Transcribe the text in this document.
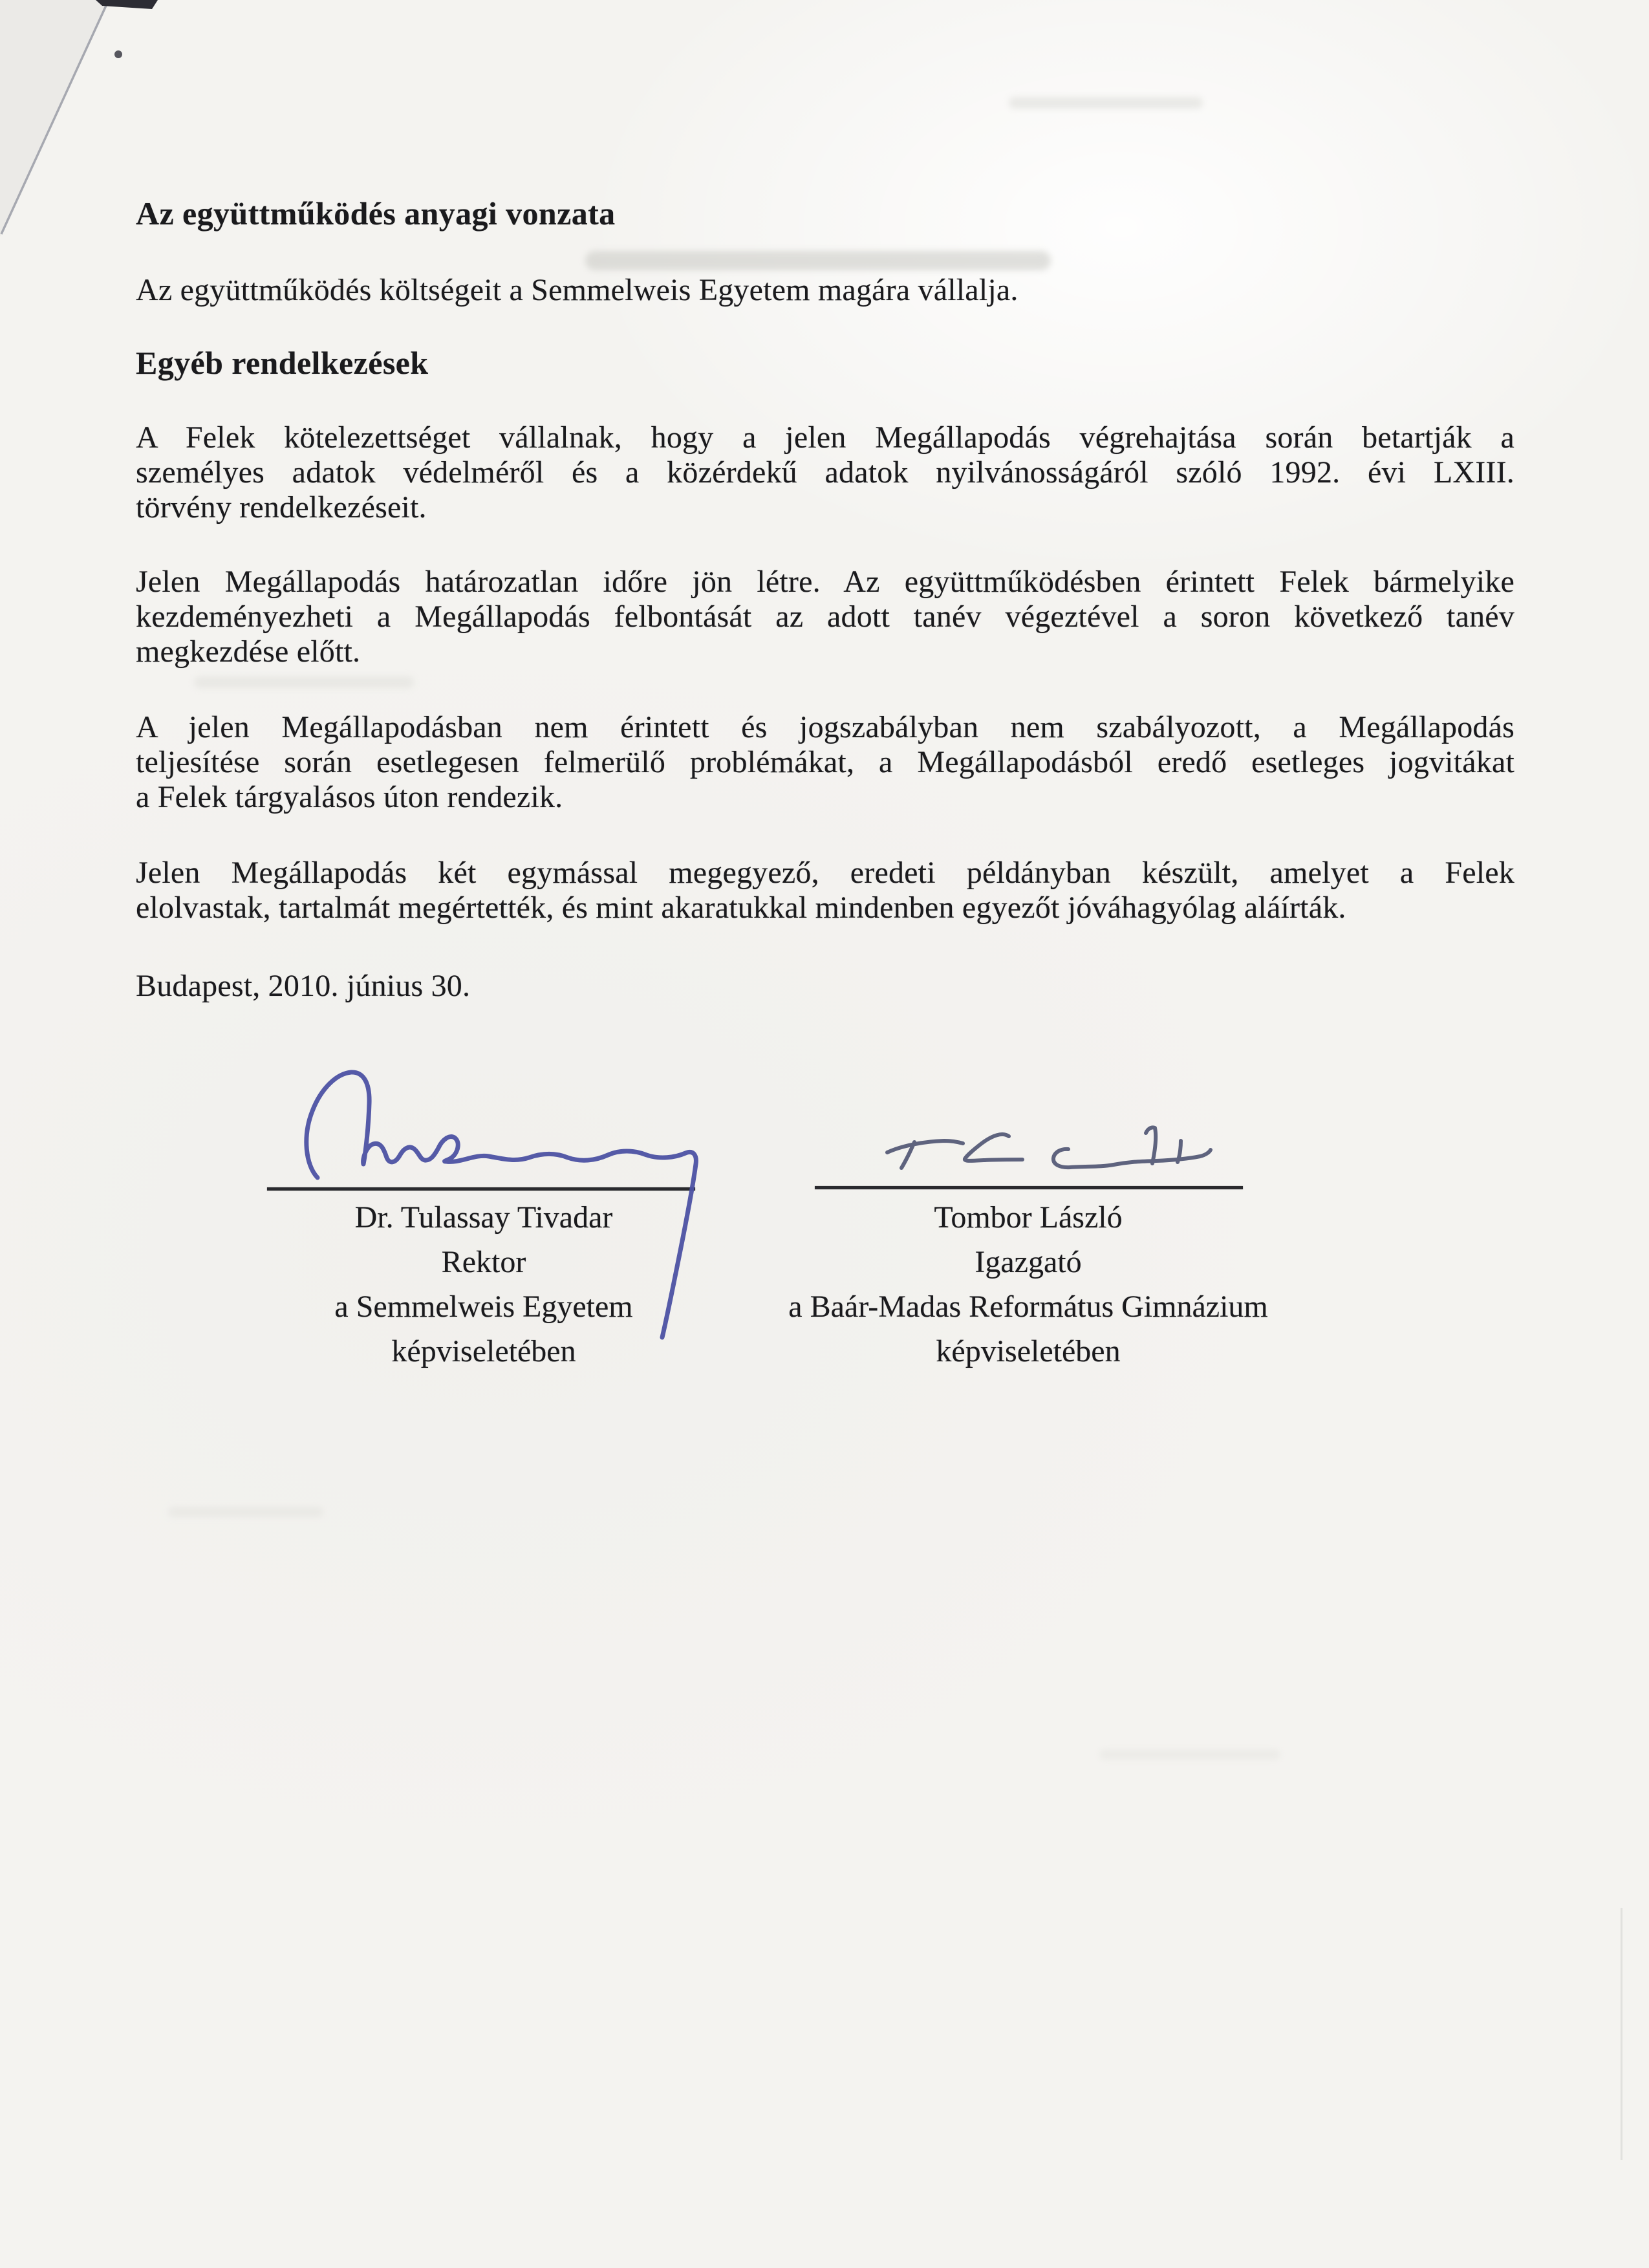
Az együttműködés anyagi vonzata
Az együttműködés költségeit a Semmelweis Egyetem magára vállalja.
Egyéb rendelkezések
A Felek kötelezettséget vállalnak, hogy a jelen Megállapodás végrehajtása során betartják a
személyes adatok védelméről és a közérdekű adatok nyilvánosságáról szóló 1992. évi LXIII.
törvény rendelkezéseit.
Jelen Megállapodás határozatlan időre jön létre. Az együttműködésben érintett Felek bármelyike
kezdeményezheti a Megállapodás felbontását az adott tanév végeztével a soron következő tanév
megkezdése előtt.
A jelen Megállapodásban nem érintett és jogszabályban nem szabályozott, a Megállapodás
teljesítése során esetlegesen felmerülő problémákat, a Megállapodásból eredő esetleges jogvitákat
a Felek tárgyalásos úton rendezik.
Jelen Megállapodás két egymással megegyező, eredeti példányban készült, amelyet a Felek
elolvastak, tartalmát megértették, és mint akaratukkal mindenben egyezőt jóváhagyólag aláírták.
Budapest, 2010. június 30.
Dr. Tulassay Tivadar
Rektor
a Semmelweis Egyetem
képviseletében
Tombor László
Igazgató
a Baár-Madas Református Gimnázium
képviseletében
